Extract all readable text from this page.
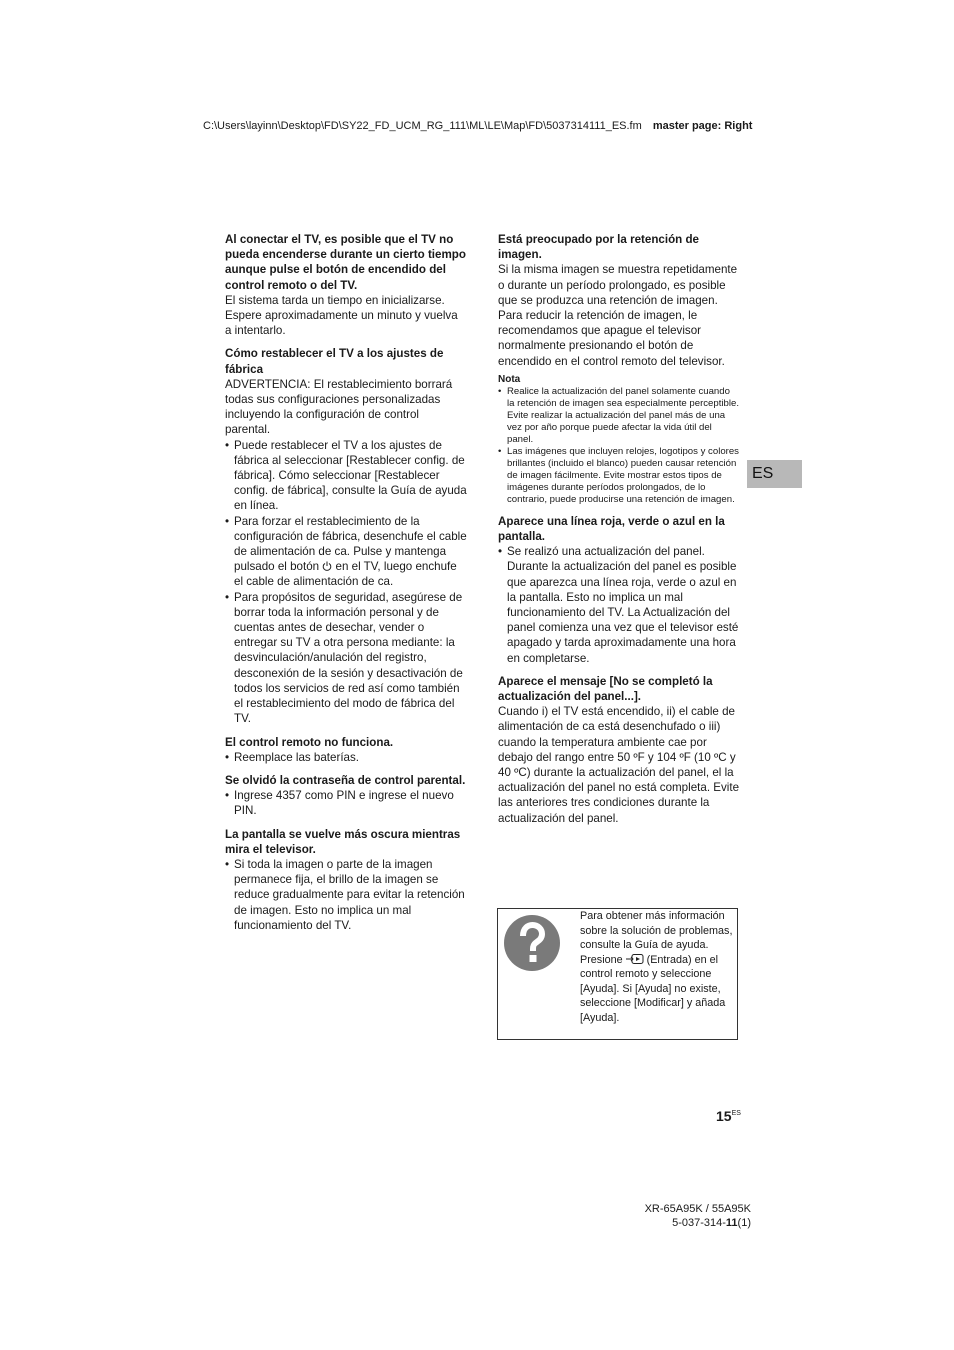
C:\Users\layinn\Desktop\FD\SY22_FD_UCM_RG_111\ML\LE\Map\FD\5037314111_ES.fm master page: Right

Al conectar el TV, es posible que el TV no pueda encenderse durante un cierto tiempo aunque pulse el botón de encendido del control remoto o del TV.

El sistema tarda un tiempo en inicializarse. Espere aproximadamente un minuto y vuelva a intentarlo.

Cómo restablecer el TV a los ajustes de fábrica

ADVERTENCIA: El restablecimiento borrará todas sus configuraciones personalizadas incluyendo la configuración de control parental.

• Puede restablecer el TV a los ajustes de fábrica al seleccionar [Restablecer config. de fábrica]. Cómo seleccionar [Restablecer config. de fábrica], consulte la Guía de ayuda en línea.
• Para forzar el restablecimiento de la configuración de fábrica, desenchufe el cable de alimentación de ca. Pulse y mantenga pulsado el botón  en el TV, luego enchufe el cable de alimentación de ca.
• Para propósitos de seguridad, asegúrese de borrar toda la información personal y de cuentas antes de desechar, vender o entregar su TV a otra persona mediante: la desvinculación/anulación del registro, desconexión de la sesión y desactivación de todos los servicios de red así como también el restablecimiento del modo de fábrica del TV.

El control remoto no funciona.

• Reemplace las baterías.

Se olvidó la contraseña de control parental.

• Ingrese 4357 como PIN e ingrese el nuevo PIN.

La pantalla se vuelve más oscura mientras mira el televisor.

• Si toda la imagen o parte de la imagen permanece fija, el brillo de la imagen se reduce gradualmente para evitar la retención de imagen. Esto no implica un mal funcionamiento del TV.

Está preocupado por la retención de imagen.

Si la misma imagen se muestra repetidamente o durante un período prolongado, es posible que se produzca una retención de imagen. Para reducir la retención de imagen, le recomendamos que apague el televisor normalmente presionando el botón de encendido en el control remoto del televisor.

Nota
• Realice la actualización del panel solamente cuando la retención de imagen sea especialmente perceptible. Evite realizar la actualización del panel más de una vez por año porque puede afectar la vida útil del panel.
• Las imágenes que incluyen relojes, logotipos y colores brillantes (incluido el blanco) pueden causar retención de imagen fácilmente. Evite mostrar estos tipos de imágenes durante períodos prolongados, de lo contrario, puede producirse una retención de imagen.

Aparece una línea roja, verde o azul en la pantalla.

• Se realizó una actualización del panel. Durante la actualización del panel es posible que aparezca una línea roja, verde o azul en la pantalla. Esto no implica un mal funcionamiento del TV. La Actualización del panel comienza una vez que el televisor esté apagado y tarda aproximadamente una hora en completarse.

Aparece el mensaje [No se completó la actualización del panel...].

Cuando i) el TV está encendido, ii) el cable de alimentación de ca está desenchufado o iii) cuando la temperatura ambiente cae por debajo del rango entre 50 ºF y 104 ºF (10 ºC y 40 ºC) durante la actualización del panel, el la actualización del panel no está completa. Evite las anteriores tres condiciones durante la actualización del panel.

ES
Para obtener más información sobre la solución de problemas, consulte la Guía de ayuda.
Presione  (Entrada) en el control remoto y seleccione [Ayuda]. Si [Ayuda] no existe, seleccione [Modificar] y añada [Ayuda].
$15^{ES}$
XR-65A95K / 55A95K
5-037-314-11(1)
